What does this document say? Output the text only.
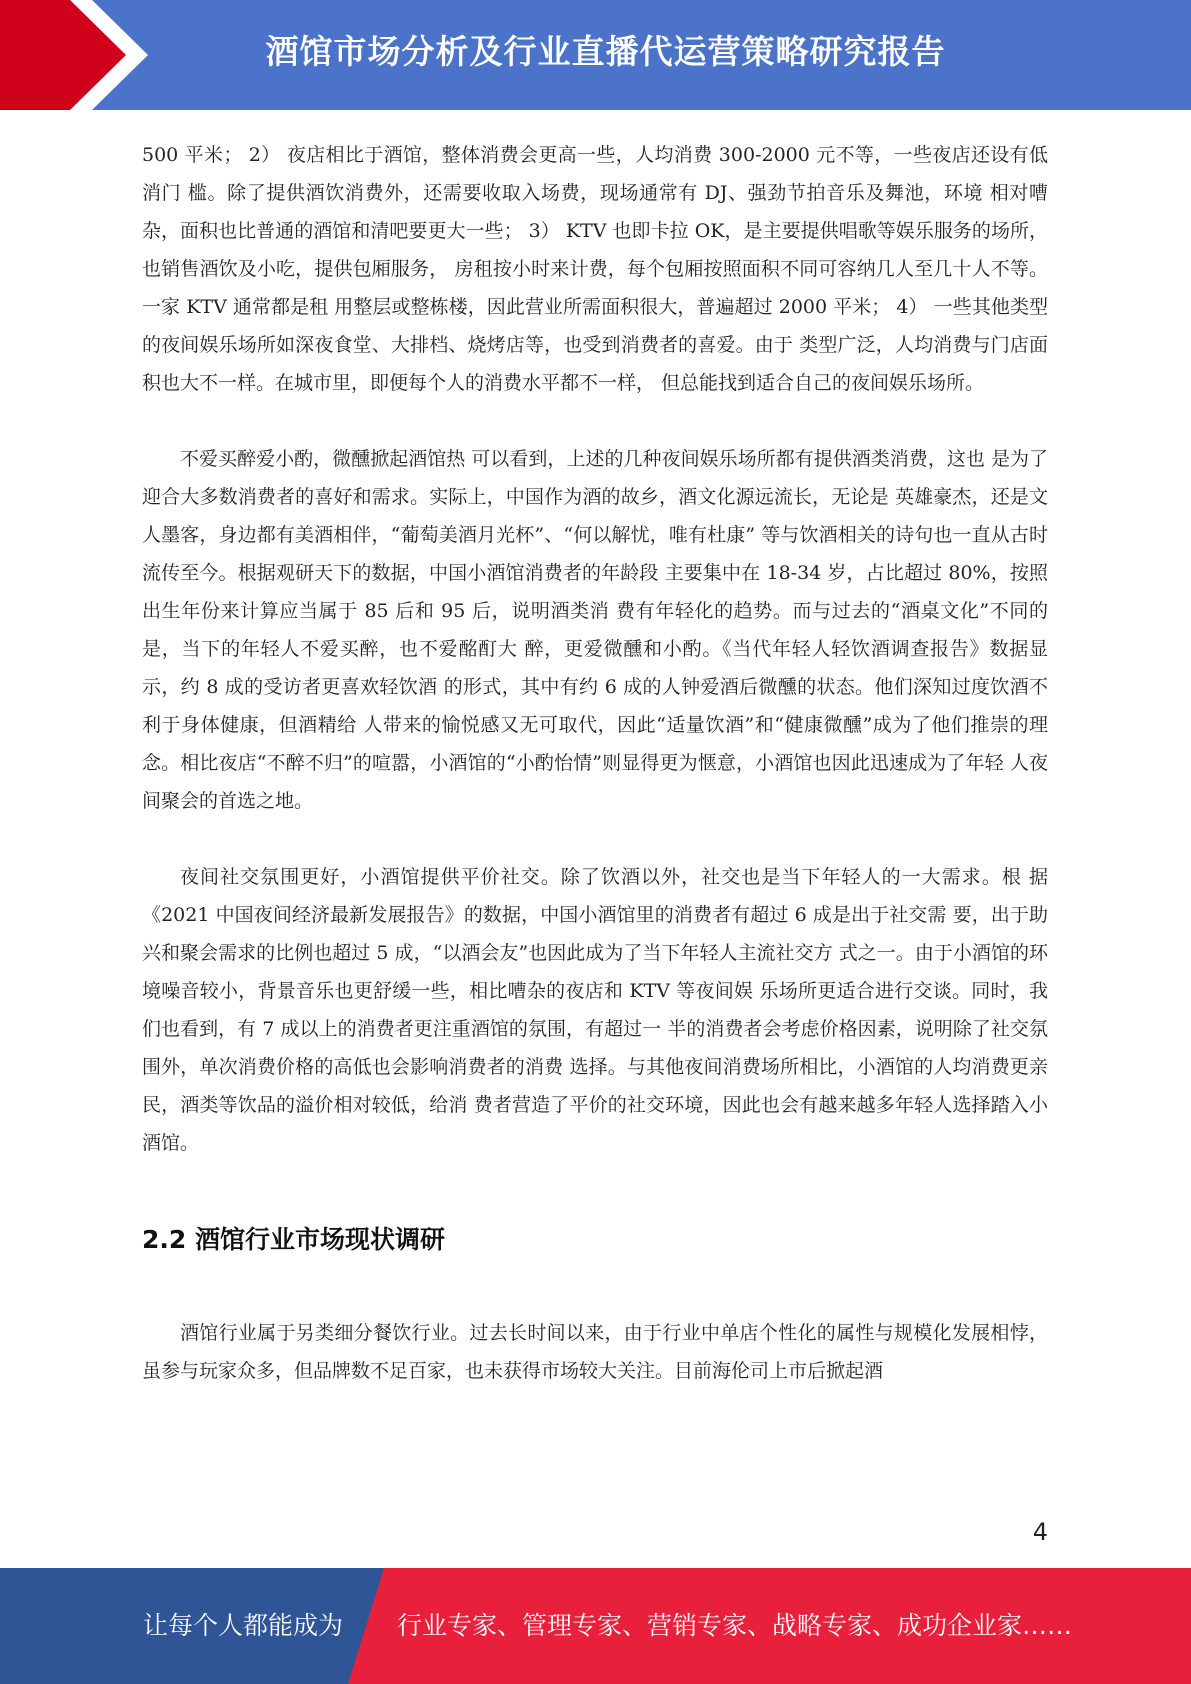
酒馆市场分析及行业直播代运营策略研究报告

500 平米； 2） 夜店相比于酒馆，整体消费会更高一些，人均消费 300-2000 元不等，一些夜店还设有低消门 槛。除了提供酒饮消费外，还需要收取入场费，现场通常有 DJ、强劲节拍音乐及舞池，环境 相对嘈杂，面积也比普通的酒馆和清吧要更大一些； 3） KTV 也即卡拉 OK，是主要提供唱歌等娱乐服务的场所，也销售酒饮及小吃，提供包厢服务， 房租按小时来计费，每个包厢按照面积不同可容纳几人至几十人不等。一家 KTV 通常都是租 用整层或整栋楼，因此营业所需面积很大，普遍超过 2000 平米； 4） 一些其他类型的夜间娱乐场所如深夜食堂、大排档、烧烤店等，也受到消费者的喜爱。由于 类型广泛，人均消费与门店面积也大不一样。在城市里，即便每个人的消费水平都不一样， 但总能找到适合自己的夜间娱乐场所。

不爱买醉爱小酌，微醺掀起酒馆热 可以看到，上述的几种夜间娱乐场所都有提供酒类消费，这也 是为了迎合大多数消费者的喜好和需求。实际上，中国作为酒的故乡，酒文化源远流长，无论是 英雄豪杰，还是文人墨客，身边都有美酒相伴，“葡萄美酒月光杯”、“何以解忧，唯有杜康” 等与饮酒相关的诗句也一直从古时流传至今。根据观研天下的数据，中国小酒馆消费者的年龄段 主要集中在 18-34 岁，占比超过 80%，按照出生年份来计算应当属于 85 后和 95 后，说明酒类消 费有年轻化的趋势。而与过去的“酒桌文化”不同的是，当下的年轻人不爱买醉，也不爱酩酊大 醉，更爱微醺和小酌。《当代年轻人轻饮酒调查报告》数据显示，约 8 成的受访者更喜欢轻饮酒 的形式，其中有约 6 成的人钟爱酒后微醺的状态。他们深知过度饮酒不利于身体健康，但酒精给 人带来的愉悦感又无可取代，因此“适量饮酒”和“健康微醺”成为了他们推崇的理念。相比夜店“不醉不归”的喧嚣，小酒馆的“小酌怡情”则显得更为惬意，小酒馆也因此迅速成为了年轻 人夜间聚会的首选之地。

夜间社交氛围更好，小酒馆提供平价社交。除了饮酒以外，社交也是当下年轻人的一大需求。根 据《2021 中国夜间经济最新发展报告》的数据，中国小酒馆里的消费者有超过 6 成是出于社交需 要，出于助兴和聚会需求的比例也超过 5 成，“以酒会友”也因此成为了当下年轻人主流社交方 式之一。由于小酒馆的环境噪音较小，背景音乐也更舒缓一些，相比嘈杂的夜店和 KTV 等夜间娱 乐场所更适合进行交谈。同时，我们也看到，有 7 成以上的消费者更注重酒馆的氛围，有超过一 半的消费者会考虑价格因素，说明除了社交氛围外，单次消费价格的高低也会影响消费者的消费 选择。与其他夜间消费场所相比，小酒馆的人均消费更亲民，酒类等饮品的溢价相对较低，给消 费者营造了平价的社交环境，因此也会有越来越多年轻人选择踏入小酒馆。

2.2 酒馆行业市场现状调研

酒馆行业属于另类细分餐饮行业。过去长时间以来，由于行业中单店个性化的属性与规模化发展相悖，虽参与玩家众多，但品牌数不足百家，也未获得市场较大关注。目前海伦司上市后掀起酒

4
让每个人都能成为 行业专家、管理专家、营销专家、战略专家、成功企业家……
